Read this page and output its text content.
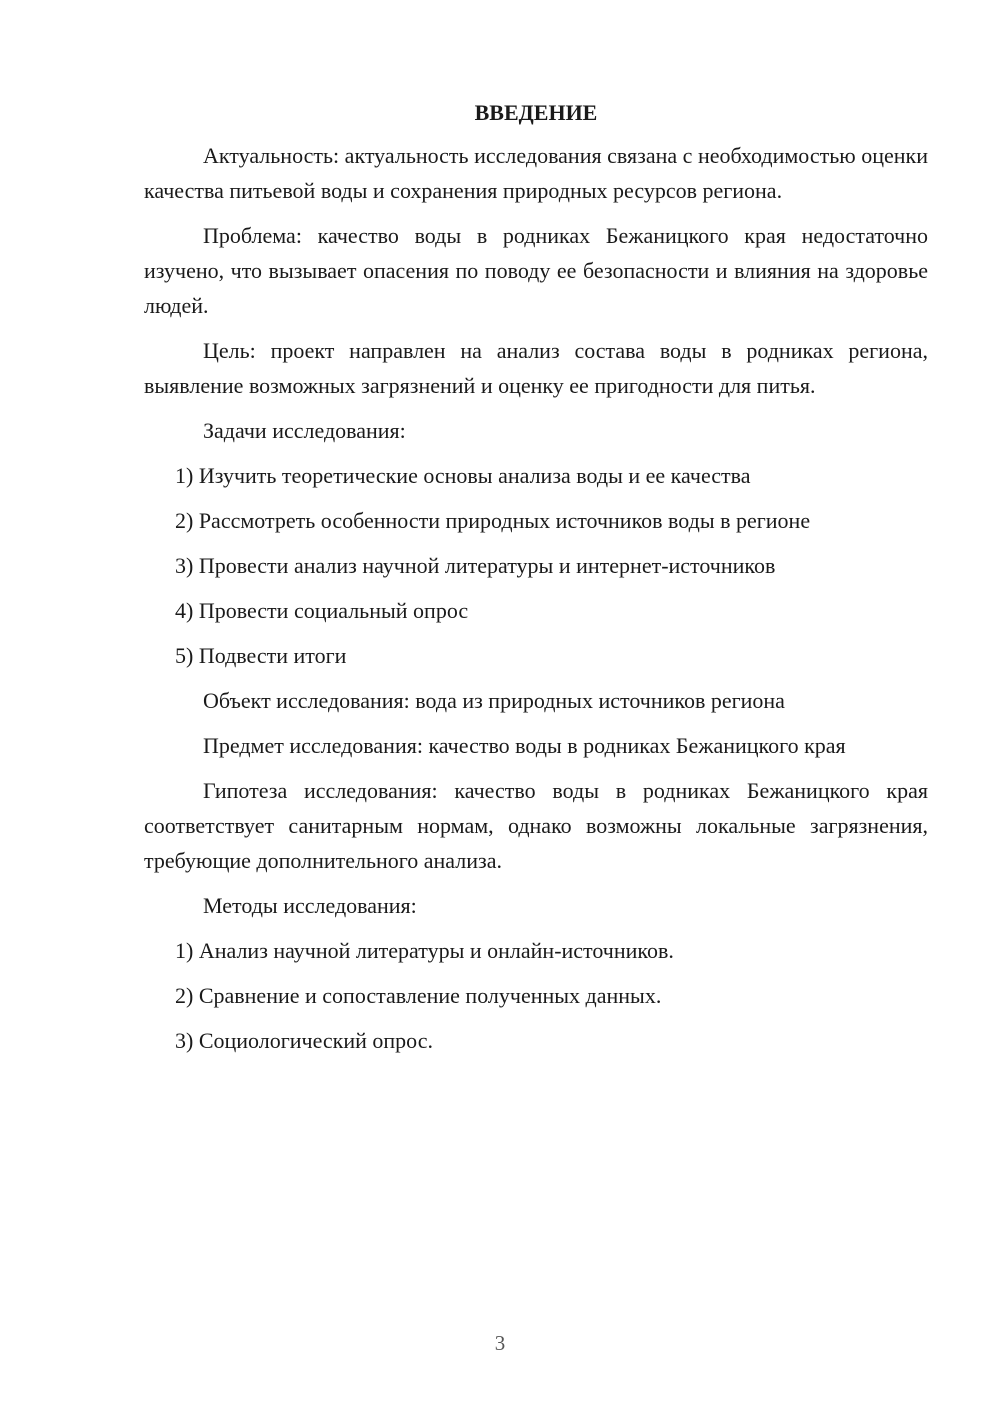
ВВЕДЕНИЕ

Актуальность: актуальность исследования связана с необходимостью оценки качества питьевой воды и сохранения природных ресурсов региона.

Проблема: качество воды в родниках Бежаницкого края недостаточно изучено, что вызывает опасения по поводу ее безопасности и влияния на здоровье людей.

Цель: проект направлен на анализ состава воды в родниках региона, выявление возможных загрязнений и оценку ее пригодности для питья.

Задачи исследования:

1) Изучить теоретические основы анализа воды и ее качества

2) Рассмотреть особенности природных источников воды в регионе

3) Провести анализ научной литературы и интернет-источников

4) Провести социальный опрос

5) Подвести итоги

Объект исследования: вода из природных источников региона

Предмет исследования: качество воды в родниках Бежаницкого края

Гипотеза исследования: качество воды в родниках Бежаницкого края соответствует санитарным нормам, однако возможны локальные загрязнения, требующие дополнительного анализа.

Методы исследования:

1) Анализ научной литературы и онлайн-источников.

2) Сравнение и сопоставление полученных данных.

3) Социологический опрос.

3
